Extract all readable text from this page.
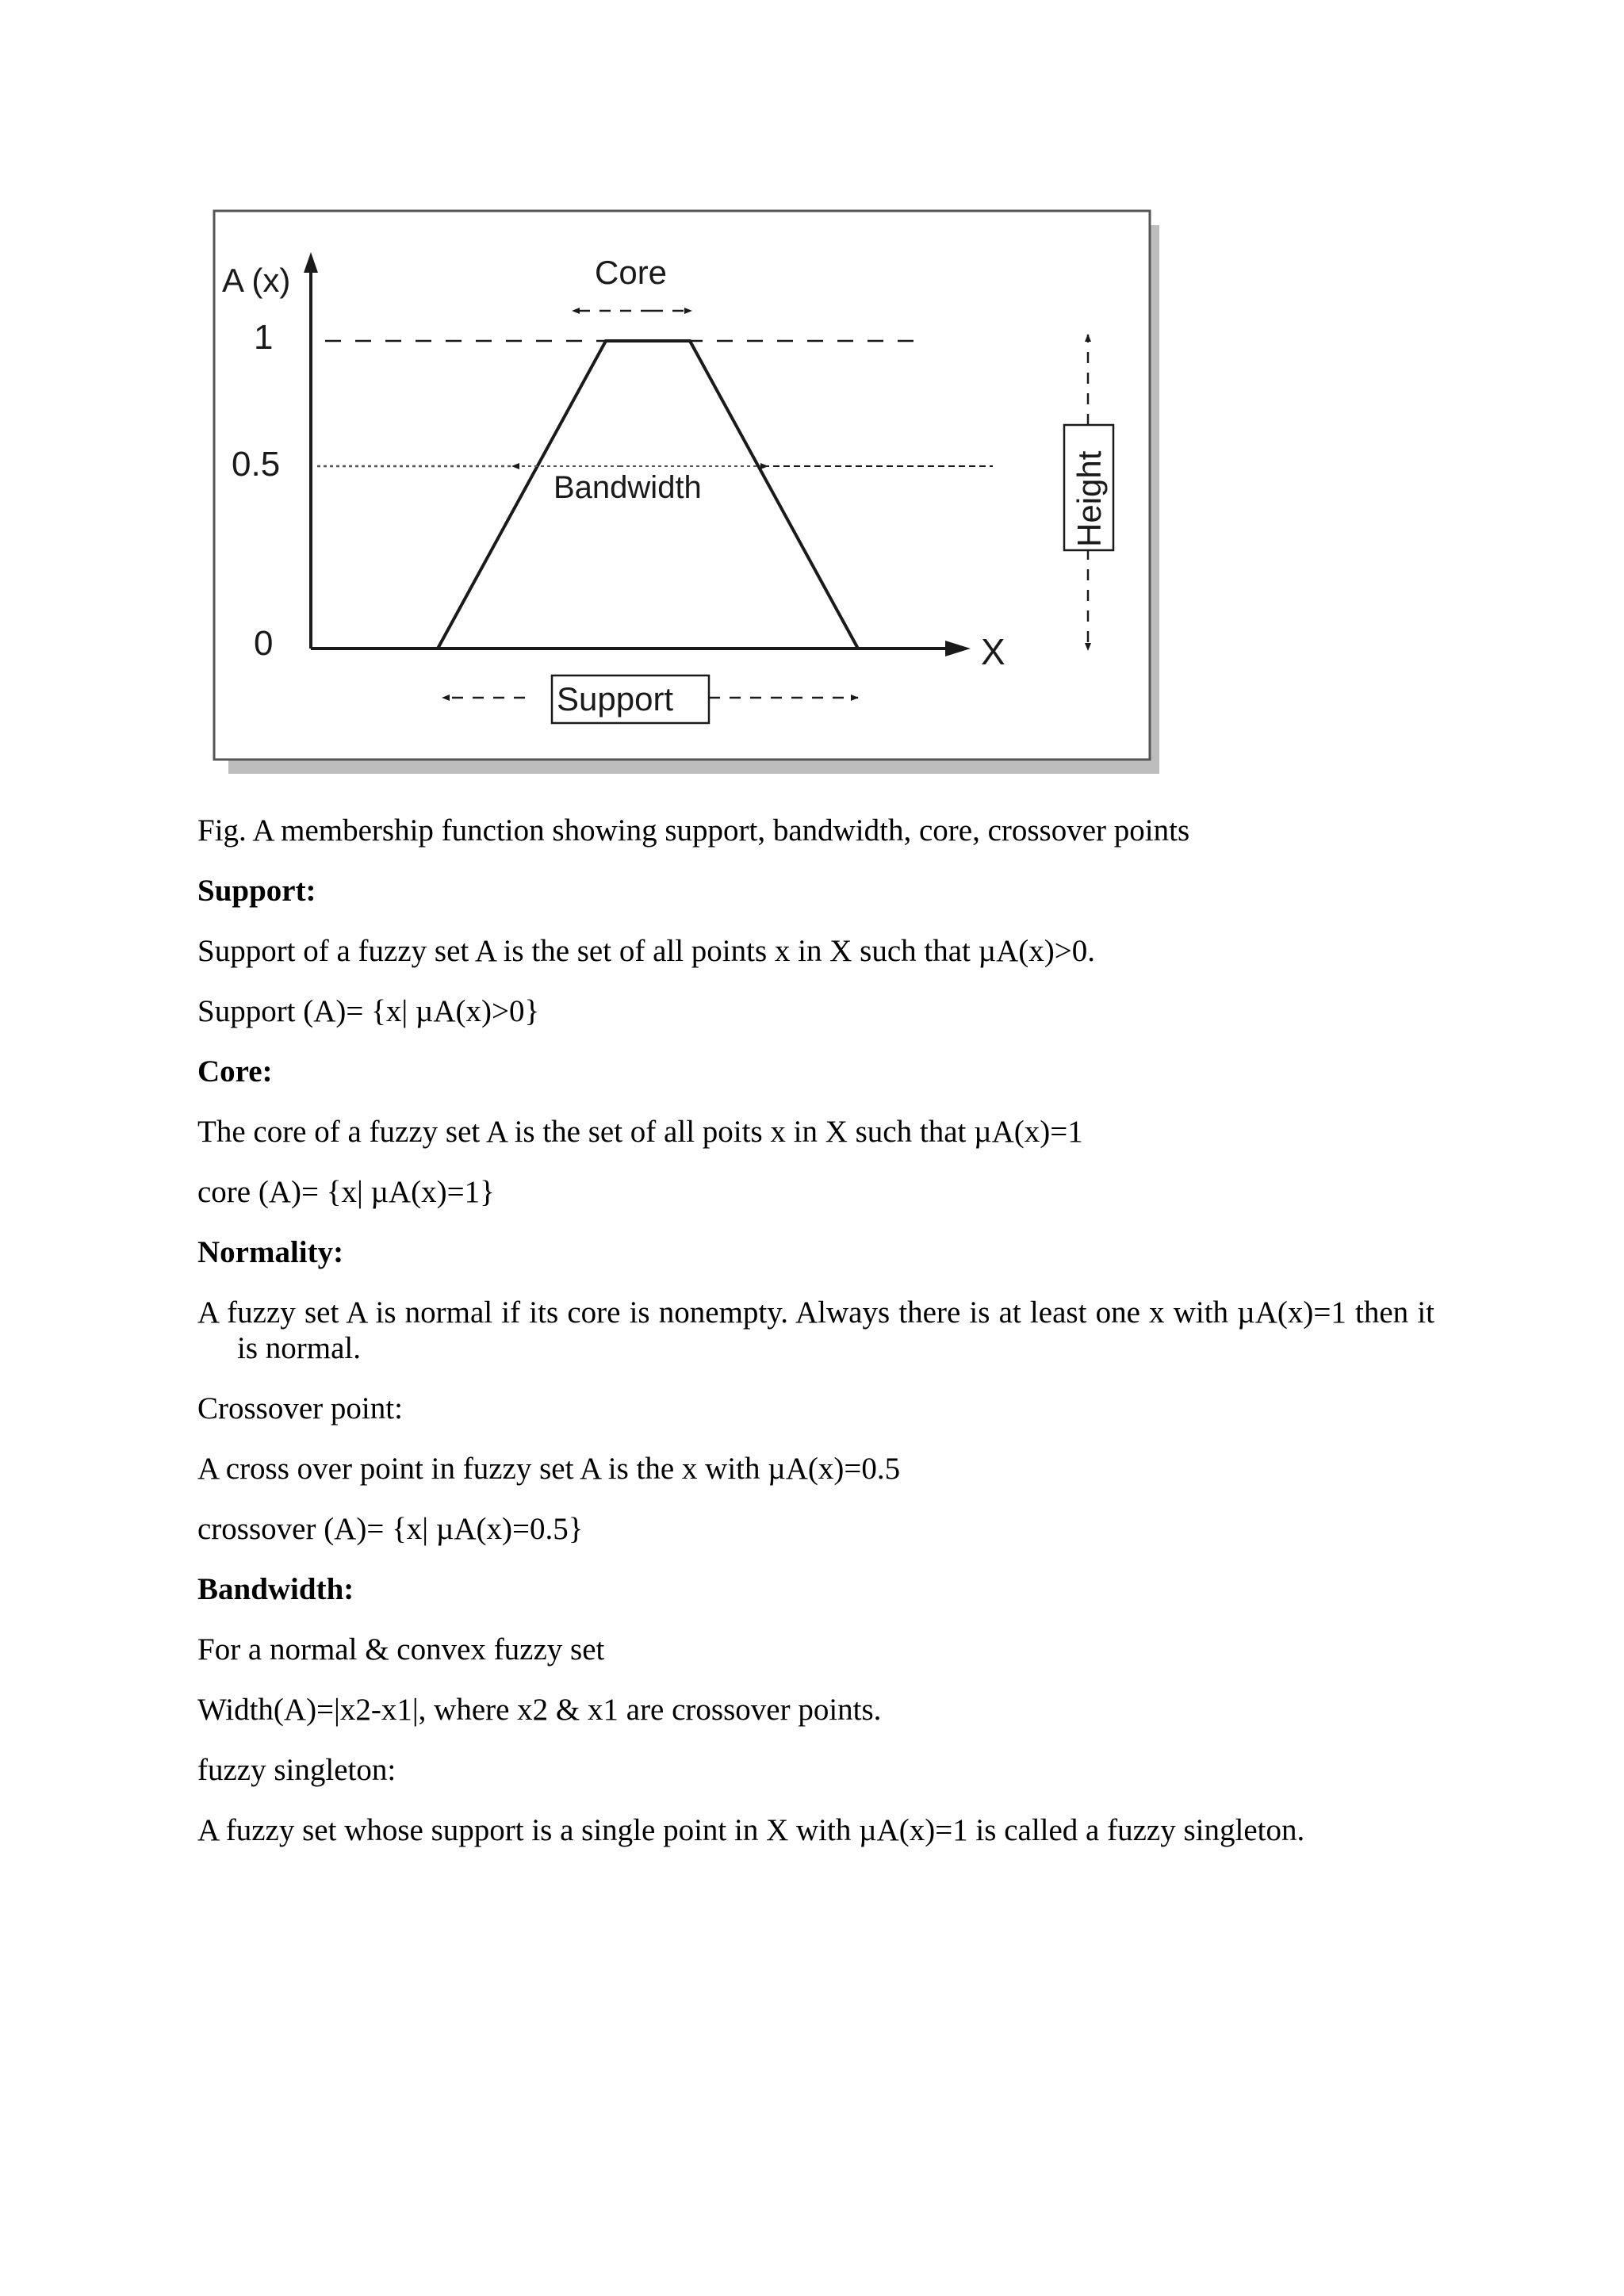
A (x)
1
0.5
0	X
Core
Bandwidth
Support
Height

Fig. A membership function showing support, bandwidth, core, crossover points

Support:

Support of a fuzzy set A is the set of all points x in X such that µA(x)>0.

Support (A)= {x| µA(x)>0}

Core:

The core of a fuzzy set A is the set of all poits x in X such that µA(x)=1

core (A)= {x| µA(x)=1}

Normality:

A fuzzy set A is normal if its core is nonempty. Always there is at least one x with µA(x)=1 then it is normal.

Crossover point:

A cross over point in fuzzy set A is the x with µA(x)=0.5

crossover (A)= {x| µA(x)=0.5}

Bandwidth:

For a normal & convex fuzzy set

Width(A)=|x2-x1|, where x2 & x1 are crossover points.

fuzzy singleton:

A fuzzy set whose support is a single point in X with µA(x)=1 is called a fuzzy singleton.
